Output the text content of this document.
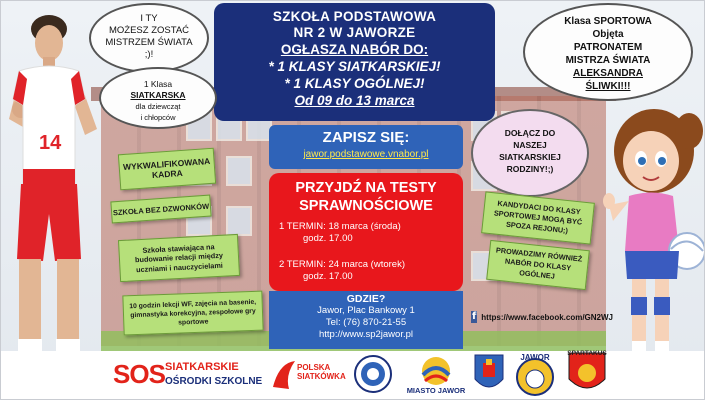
SZKOŁA PODSTAWOWA
NR 2 W JAWORZE
OGŁASZA NABÓR DO:
* 1 KLASY SIATKARSKIEJ!
* 1 KLASY OGÓLNEJ!
Od 09 do 13 marca
14
I TY
MOŻESZ ZOSTAĆ
MISTRZEM ŚWIATA
;)!
1 Klasa
SIATKARSKA
dla dziewcząt
i chłopców
Klasa SPORTOWA
Objęta
PATRONATEM
MISTRZA ŚWIATA
ALEKSANDRA
ŚLIWKI!!!
DOŁĄCZ DO
NASZEJ
SIATKARSKIEJ
RODZINY!;)
ZAPISZ SIĘ:
jawor.podstawowe.vnabor.pl
PRZYJDŹ NA TESTY
SPRAWNOŚCIOWE
1 TERMIN: 18 marca (środa)
godz. 17.00
2 TERMIN: 24 marca (wtorek)
godz. 17.00
GDZIE?
Jawor, Plac Bankowy 1
Tel: (76) 870-21-55
http://www.sp2jawor.pl
WYKWALIFIKOWANA KADRA
SZKOŁA BEZ DZWONKÓW
Szkoła stawiająca na budowanie relacji między uczniami i nauczycielami
10 godzin lekcji WF, zajęcia na basenie, gimnastyka korekcyjna, zespołowe gry sportowe
KANDYDACI DO KLASY SPORTOWEJ MOGĄ BYĆ SPOZA REJONU;)
PROWADZIMY RÓWNIEŻ NABÓR DO KLASY OGÓLNEJ
f https://www.facebook.com/GN2WJ
SOS SIATKARSKIE
OŚRODKI SZKOLNE
POLSKA SIATKÓWKA
MIASTO JAWOR
JAWOR	SPARTAKUS
